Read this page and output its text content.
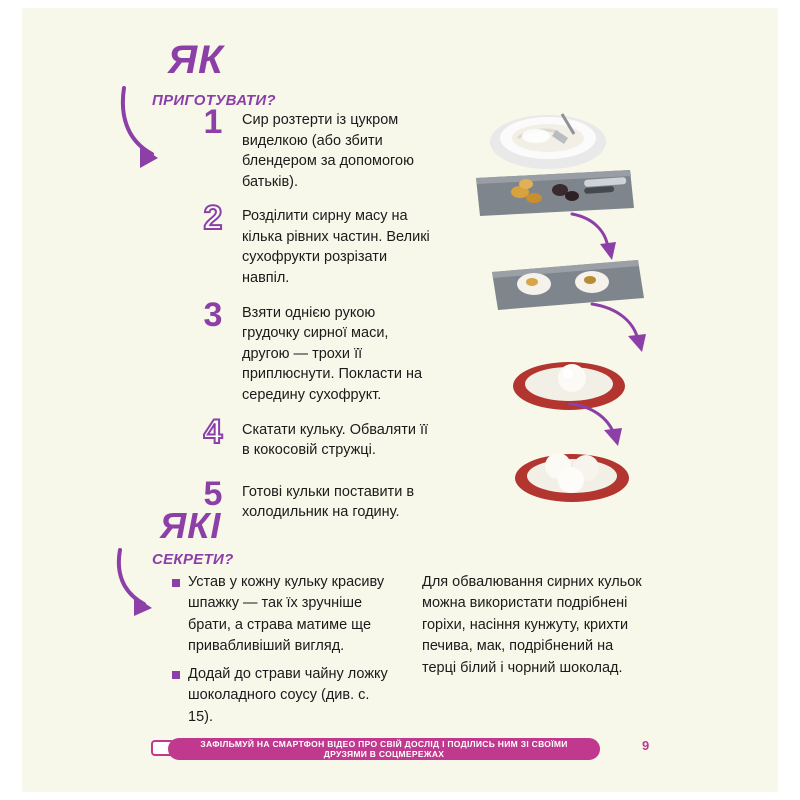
ЯК
ПРИГОТУВАТИ?
1	Сир розтерти із цукром виделкою (або збити блендером за допомогою батьків).
2	Розділити сирну масу на кілька рівних частин. Великі сухофрукти розрізати навпіл.
3	Взяти однією рукою грудочку сирної маси, другою — трохи її приплюснути. Покласти на середину сухофрукт.
4	Скатати кульку. Обваляти її в кокосовій стружці.
5	Готові кульки поставити в холодильник на годину.
ЯКІ
СЕКРЕТИ?
Устав у кожну кульку красиву шпажку — так їх зручніше брати, а страва матиме ще привабливіший вигляд.
Додай до страви чайну ложку шоколадного соусу (див. с. 15).
Для обвалювання сирних кульок можна використати подрібнені горіхи, насіння кунжуту, крихти печива, мак, подрібнений на терці білий і чорний шоколад.
ЗАФІЛЬМУЙ НА СМАРТФОН ВІДЕО ПРО СВІЙ ДОСЛІД І ПОДІЛИСЬ НИМ ЗІ СВОЇМИ ДРУЗЯМИ В СОЦМЕРЕЖАХ
9
